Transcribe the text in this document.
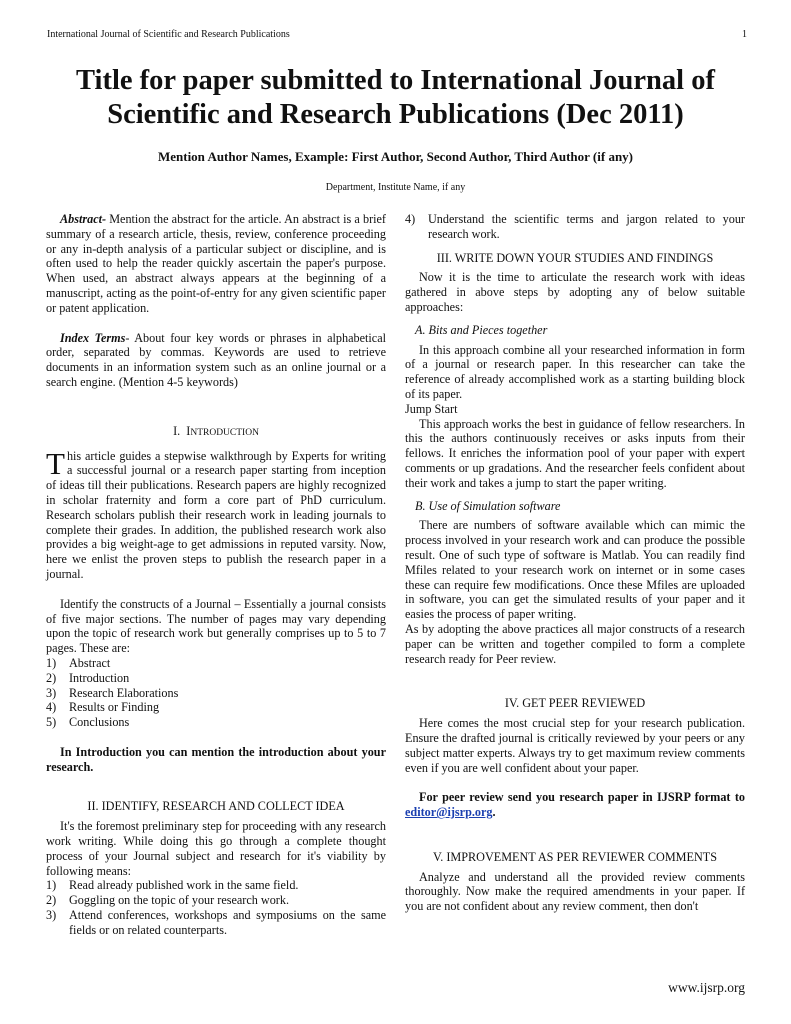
International Journal of Scientific and Research Publications	1
Title for paper submitted to International Journal of Scientific and Research Publications (Dec 2011)
Mention Author Names, Example: First Author, Second Author, Third Author (if any)
Department, Institute Name, if any

Abstract- Mention the abstract for the article. An abstract is a brief summary of a research article, thesis, review, conference proceeding or any in-depth analysis of a particular subject or discipline, and is often used to help the reader quickly ascertain the paper's purpose. When used, an abstract always appears at the beginning of a manuscript, acting as the point-of-entry for any given scientific paper or patent application.

Index Terms- About four key words or phrases in alphabetical order, separated by commas. Keywords are used to retrieve documents in an information system such as an online journal or a search engine. (Mention 4-5 keywords)

I. INTRODUCTION

This article guides a stepwise walkthrough by Experts for writing a successful journal or a research paper starting from inception of ideas till their publications. Research papers are highly recognized in scholar fraternity and form a core part of PhD curriculum. Research scholars publish their research work in leading journals to complete their grades. In addition, the published research work also provides a big weight-age to get admissions in reputed varsity. Now, here we enlist the proven steps to publish the research paper in a journal.

Identify the constructs of a Journal – Essentially a journal consists of five major sections. The number of pages may vary depending upon the topic of research work but generally comprises up to 5 to 7 pages. These are:

1)	Abstract
2)	Introduction
3)	Research Elaborations
4)	Results or Finding
5)	Conclusions

In Introduction you can mention the introduction about your research.

II. IDENTIFY, RESEARCH AND COLLECT IDEA

It's the foremost preliminary step for proceeding with any research work writing. While doing this go through a complete thought process of your Journal subject and research for it's viability by following means:

1)	Read already published work in the same field.
2)	Goggling on the topic of your research work.
3)	Attend conferences, workshops and symposiums on the same fields or on related counterparts.
4)	Understand the scientific terms and jargon related to your research work.

III. WRITE DOWN YOUR STUDIES AND FINDINGS

Now it is the time to articulate the research work with ideas gathered in above steps by adopting any of below suitable approaches:

A. Bits and Pieces together

In this approach combine all your researched information in form of a journal or research paper. In this researcher can take the reference of already accomplished work as a starting building block of its paper.

Jump Start

This approach works the best in guidance of fellow researchers. In this the authors continuously receives or asks inputs from their fellows. It enriches the information pool of your paper with expert comments or up gradations. And the researcher feels confident about their work and takes a jump to start the paper writing.

B. Use of Simulation software

There are numbers of software available which can mimic the process involved in your research work and can produce the possible result. One of such type of software is Matlab. You can readily find Mfiles related to your research work on internet or in some cases these can require few modifications. Once these Mfiles are uploaded in software, you can get the simulated results of your paper and it easies the process of paper writing.

As by adopting the above practices all major constructs of a research paper can be written and together compiled to form a complete research ready for Peer review.

IV. GET PEER REVIEWED

Here comes the most crucial step for your research publication. Ensure the drafted journal is critically reviewed by your peers or any subject matter experts. Always try to get maximum review comments even if you are well confident about your paper.

For peer review send you research paper in IJSRP format to editor@ijsrp.org.

V. IMPROVEMENT AS PER REVIEWER COMMENTS

Analyze and understand all the provided review comments thoroughly. Now make the required amendments in your paper. If you are not confident about any review comment, then don't

www.ijsrp.org
